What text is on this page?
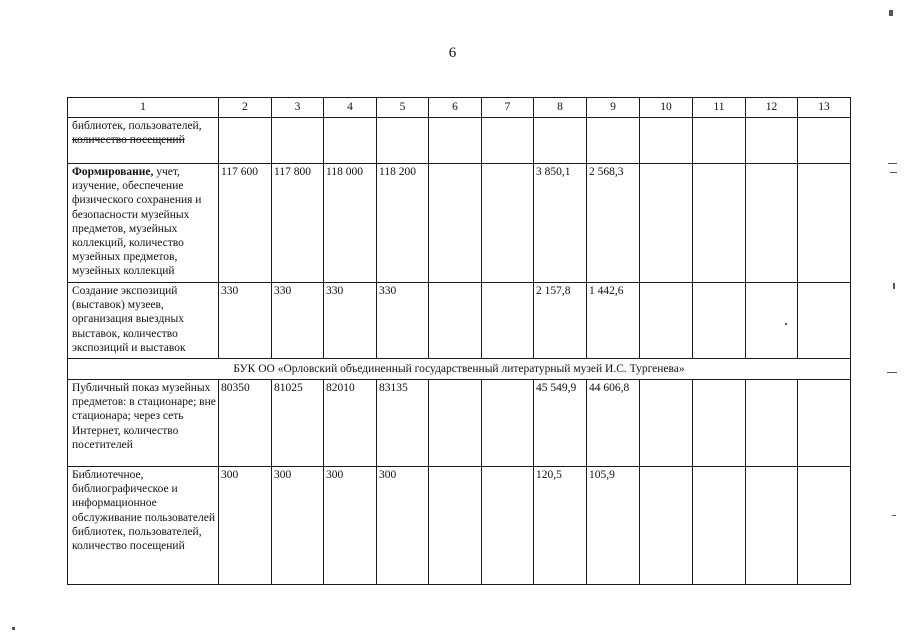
6
1	2	3	4	5	6	7	8	9	10	11	12	13
библиотек, пользователей,
количество посещений												
Формирование, учет, изучение, обеспечение физического сохранения и безопасности музейных предметов, музейных коллекций, количество музейных предметов, музейных коллекций	117 600	117 800	118 000	118 200			3 850,1	2 568,3				
Создание экспозиций (выставок) музеев, организация выездных выставок, количество экспозиций и выставок	330	330	330	330			2 157,8	1 442,6				
БУК ОО «Орловский объединенный государственный литературный музей И.С. Тургенева»												
Публичный показ музейных предметов: в стационаре; вне стационара; через сеть Интернет, количество посетителей	80350	81025	82010	83135			45 549,9	44 606,8				
Библиотечное, библиографическое и информационное обслуживание пользователей библиотек, пользователей, количество посещений	300	300	300	300			120,5	105,9				
